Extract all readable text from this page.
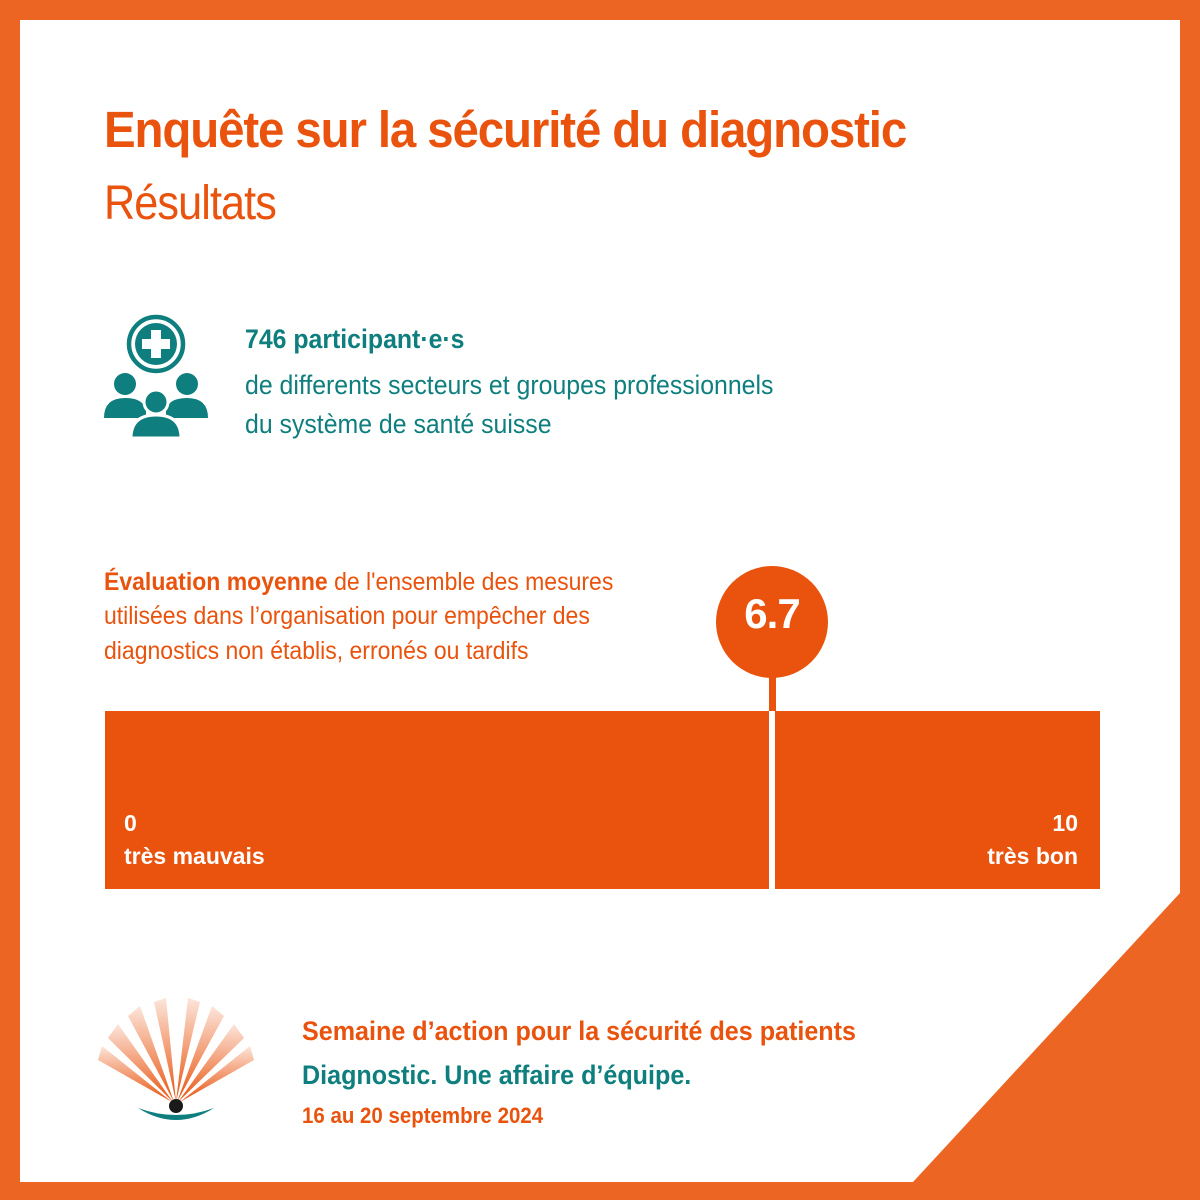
Enquête sur la sécurité du diagnostic
Résultats
746 participant·e·s
de differents secteurs et groupes professionnels
du système de santé suisse
Évaluation moyenne de l'ensemble des mesures
utilisées dans l’organisation pour empêcher des
diagnostics non établis, erronés ou tardifs
6.7
0
très mauvais
10
très bon
Semaine d’action pour la sécurité des patients
Diagnostic. Une affaire d’équipe.
16 au 20 septembre 2024
